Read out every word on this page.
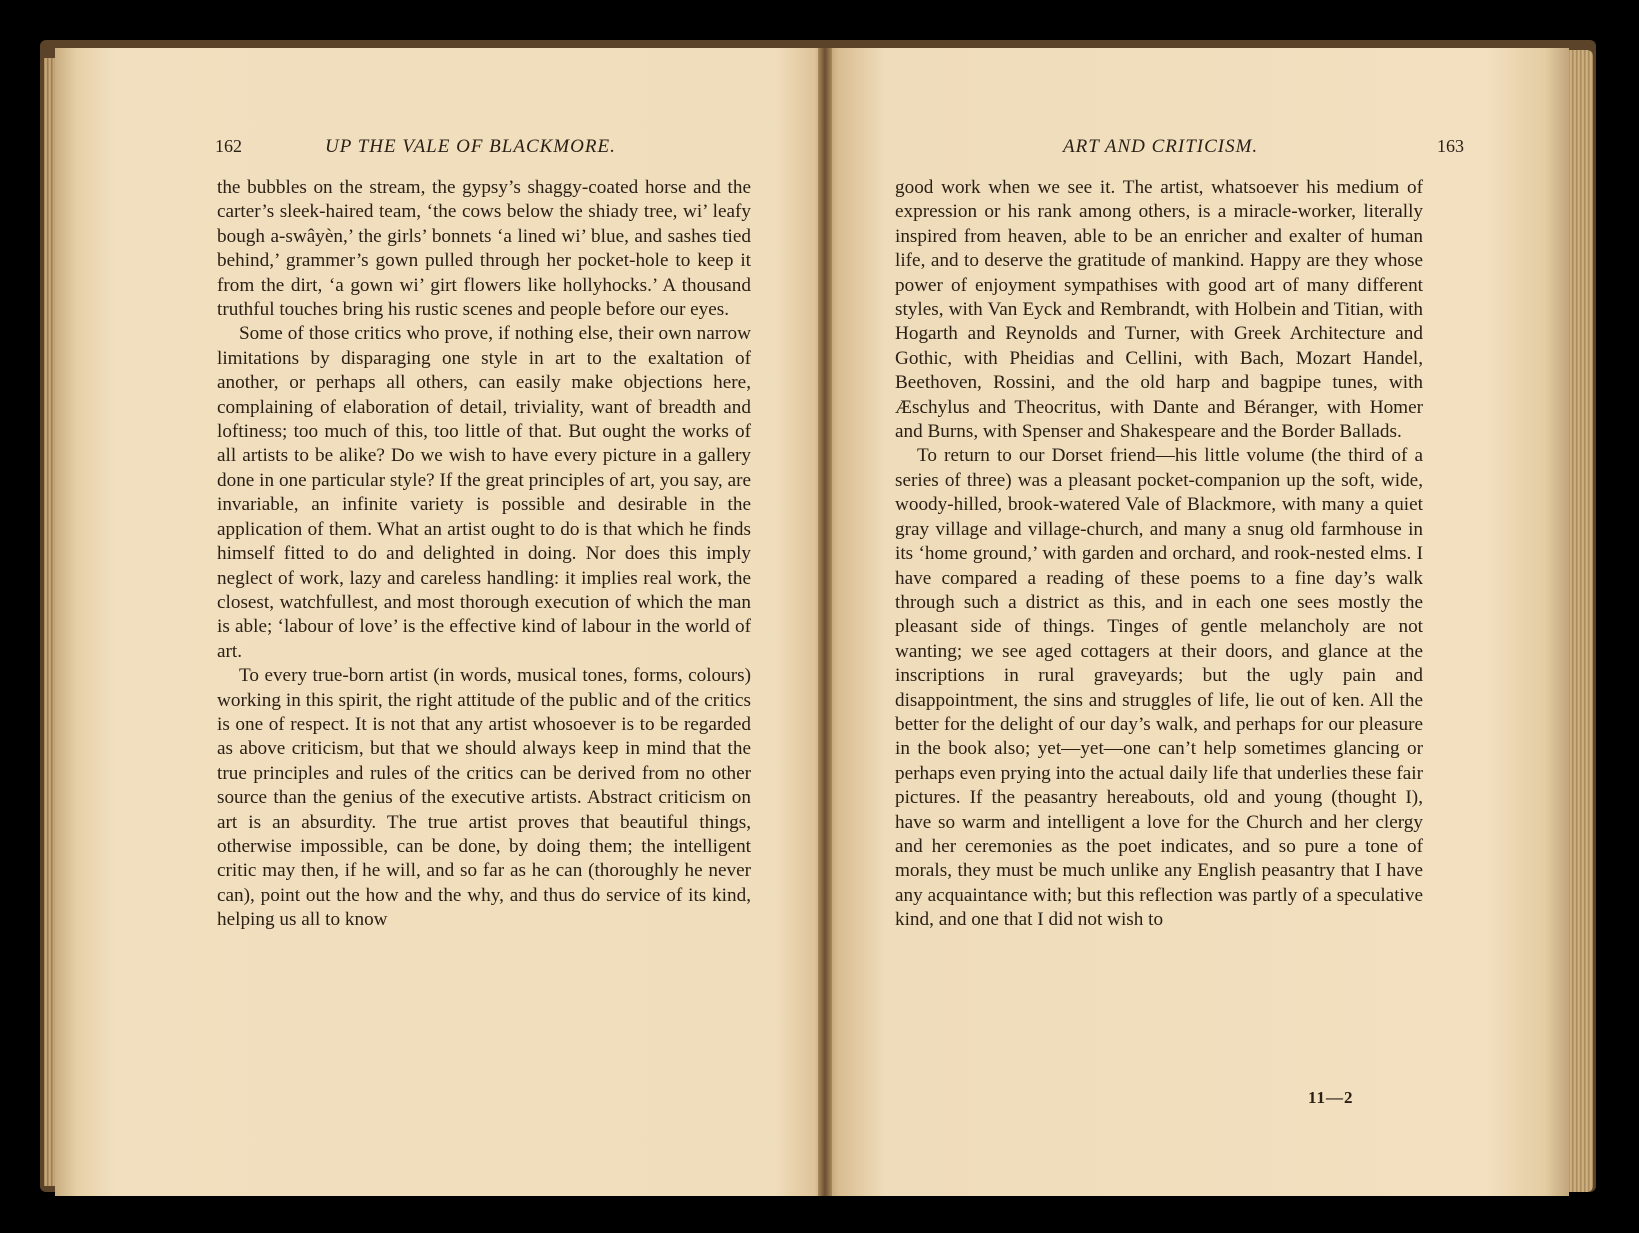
162	UP THE VALE OF BLACKMORE.

the bubbles on the stream, the gypsy’s shaggy-coated horse and the carter’s sleek-haired team, ‘the cows below the shiady tree, wi’ leafy bough a-swâyèn,’ the girls’ bonnets ‘a lined wi’ blue, and sashes tied behind,’ grammer’s gown pulled through her pocket-hole to keep it from the dirt, ‘a gown wi’ girt flowers like hollyhocks.’ A thousand truthful touches bring his rustic scenes and people before our eyes.

Some of those critics who prove, if nothing else, their own narrow limitations by disparaging one style in art to the exaltation of another, or perhaps all others, can easily make objections here, complaining of elaboration of detail, triviality, want of breadth and loftiness; too much of this, too little of that. But ought the works of all artists to be alike? Do we wish to have every picture in a gallery done in one particular style? If the great principles of art, you say, are invariable, an infinite variety is possible and desirable in the application of them. What an artist ought to do is that which he finds himself fitted to do and delighted in doing. Nor does this imply neglect of work, lazy and careless handling: it implies real work, the closest, watchfullest, and most thorough execution of which the man is able; ‘labour of love’ is the effective kind of labour in the world of art.

To every true-born artist (in words, musical tones, forms, colours) working in this spirit, the right attitude of the public and of the critics is one of respect. It is not that any artist whosoever is to be regarded as above criticism, but that we should always keep in mind that the true principles and rules of the critics can be derived from no other source than the genius of the executive artists. Abstract criticism on art is an absurdity. The true artist proves that beautiful things, otherwise impossible, can be done, by doing them; the intelligent critic may then, if he will, and so far as he can (thoroughly he never can), point out the how and the why, and thus do service of its kind, helping us all to know

ART AND CRITICISM.	163

good work when we see it. The artist, whatsoever his medium of expression or his rank among others, is a miracle-worker, literally inspired from heaven, able to be an enricher and exalter of human life, and to deserve the gratitude of mankind. Happy are they whose power of enjoyment sympathises with good art of many different styles, with Van Eyck and Rembrandt, with Holbein and Titian, with Hogarth and Reynolds and Turner, with Greek Architecture and Gothic, with Pheidias and Cellini, with Bach, Mozart Handel, Beethoven, Rossini, and the old harp and bagpipe tunes, with Æschylus and Theocritus, with Dante and Béranger, with Homer and Burns, with Spenser and Shakespeare and the Border Ballads.

To return to our Dorset friend—his little volume (the third of a series of three) was a pleasant pocket-companion up the soft, wide, woody-hilled, brook-watered Vale of Blackmore, with many a quiet gray village and village-church, and many a snug old farmhouse in its ‘home ground,’ with garden and orchard, and rook-nested elms. I have compared a reading of these poems to a fine day’s walk through such a district as this, and in each one sees mostly the pleasant side of things. Tinges of gentle melancholy are not wanting; we see aged cottagers at their doors, and glance at the inscriptions in rural graveyards; but the ugly pain and disappointment, the sins and struggles of life, lie out of ken. All the better for the delight of our day’s walk, and perhaps for our pleasure in the book also; yet—yet—one can’t help sometimes glancing or perhaps even prying into the actual daily life that underlies these fair pictures. If the peasantry hereabouts, old and young (thought I), have so warm and intelligent a love for the Church and her clergy and her ceremonies as the poet indicates, and so pure a tone of morals, they must be much unlike any English peasantry that I have any acquaintance with; but this reflection was partly of a speculative kind, and one that I did not wish to

11—2
